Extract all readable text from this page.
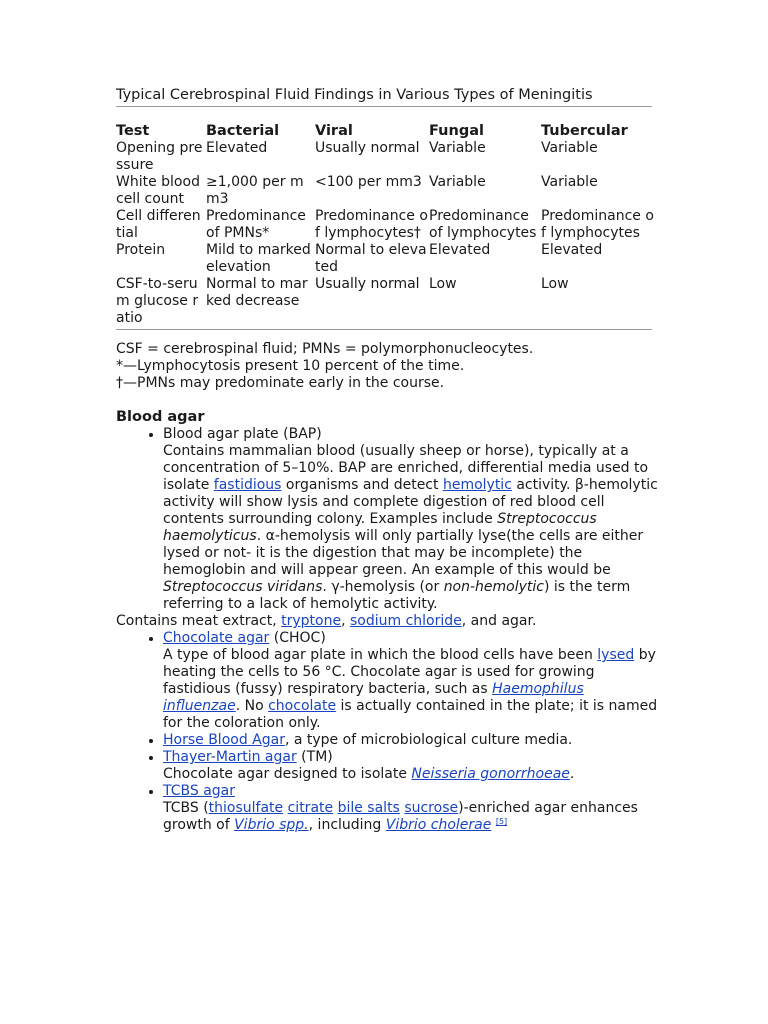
Typical Cerebrospinal Fluid Findings in Various Types of Meningitis
Test	Bacterial	Viral	Fungal	Tubercular
Opening pressure	Elevated	Usually normal	Variable	Variable
White blood cell count	≥1,000 per mm3	<100 per mm3	Variable	Variable
Cell differential	Predominance of PMNs*	Predominance of lymphocytes†	Predominance of lymphocytes	Predominance of lymphocytes
Protein	Mild to marked elevation	Normal to elevated	Elevated	Elevated
CSF-to-serum glucose ratio	Normal to marked decrease	Usually normal	Low	Low
CSF = cerebrospinal fluid; PMNs = polymorphonucleocytes.
*—Lymphocytosis present 10 percent of the time.
†—PMNs may predominate early in the course.
Blood agar
• Blood agar plate (BAP)
Contains mammalian blood (usually sheep or horse), typically at a concentration of 5–10%. BAP are enriched, differential media used to isolate fastidious organisms and detect hemolytic activity. β-hemolytic activity will show lysis and complete digestion of red blood cell contents surrounding colony. Examples include Streptococcus haemolyticus. α-hemolysis will only partially lyse(the cells are either lysed or not- it is the digestion that may be incomplete) the hemoglobin and will appear green. An example of this would be Streptococcus viridans. γ-hemolysis (or non-hemolytic) is the term referring to a lack of hemolytic activity.
Contains meat extract, tryptone, sodium chloride, and agar.
• Chocolate agar (CHOC)
A type of blood agar plate in which the blood cells have been lysed by heating the cells to 56 °C. Chocolate agar is used for growing fastidious (fussy) respiratory bacteria, such as Haemophilus influenzae. No chocolate is actually contained in the plate; it is named for the coloration only.
• Horse Blood Agar, a type of microbiological culture media.
• Thayer-Martin agar (TM)
Chocolate agar designed to isolate Neisseria gonorrhoeae.
• TCBS agar
TCBS (thiosulfate citrate bile salts sucrose)-enriched agar enhances growth of Vibrio spp., including Vibrio cholerae [5]
